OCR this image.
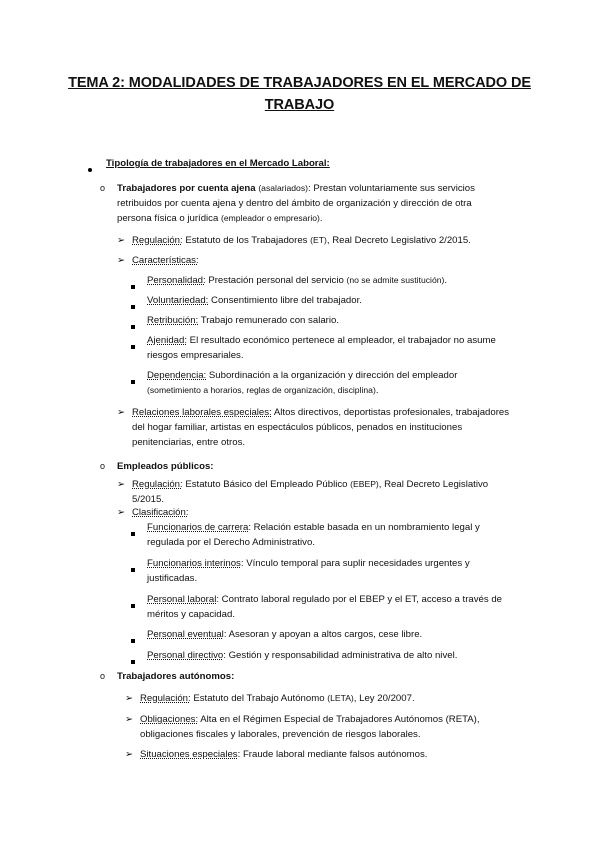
TEMA 2: MODALIDADES DE TRABAJADORES EN EL MERCADO DE TRABAJO
Tipología de trabajadores en el Mercado Laboral:
o Trabajadores por cuenta ajena (asalariados): Prestan voluntariamente sus servicios retribuidos por cuenta ajena y dentro del ámbito de organización y dirección de otra persona física o jurídica (empleador o empresario).
➢ Regulación: Estatuto de los Trabajadores (ET), Real Decreto Legislativo 2/2015.
➢ Características:
Personalidad: Prestación personal del servicio (no se admite sustitución).
Voluntariedad: Consentimiento libre del trabajador.
Retribución: Trabajo remunerado con salario.
Ajenidad: El resultado económico pertenece al empleador, el trabajador no asume riesgos empresariales.
Dependencia: Subordinación a la organización y dirección del empleador (sometimiento a horarios, reglas de organización, disciplina).
➢ Relaciones laborales especiales: Altos directivos, deportistas profesionales, trabajadores del hogar familiar, artistas en espectáculos públicos, penados en instituciones penitenciarias, entre otros.
o Empleados públicos:
➢ Regulación: Estatuto Básico del Empleado Público (EBEP), Real Decreto Legislativo 5/2015.
➢ Clasificación:
Funcionarios de carrera: Relación estable basada en un nombramiento legal y regulada por el Derecho Administrativo.
Funcionarios interinos: Vínculo temporal para suplir necesidades urgentes y justificadas.
Personal laboral: Contrato laboral regulado por el EBEP y el ET, acceso a través de méritos y capacidad.
Personal eventual: Asesoran y apoyan a altos cargos, cese libre.
Personal directivo: Gestión y responsabilidad administrativa de alto nivel.
o Trabajadores autónomos:
➢ Regulación: Estatuto del Trabajo Autónomo (LETA), Ley 20/2007.
➢ Obligaciones: Alta en el Régimen Especial de Trabajadores Autónomos (RETA), obligaciones fiscales y laborales, prevención de riesgos laborales.
➢ Situaciones especiales: Fraude laboral mediante falsos autónomos.
